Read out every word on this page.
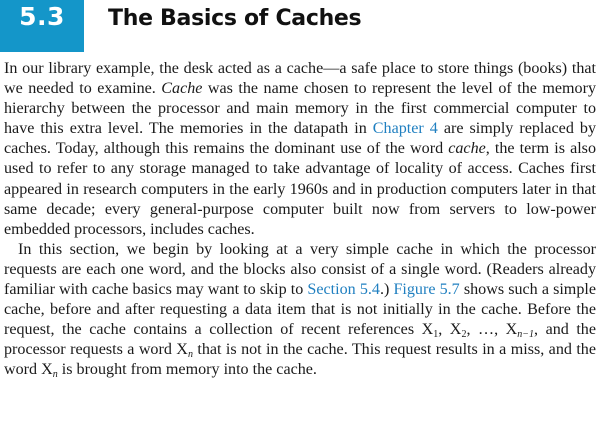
5.3	The Basics of Caches

In our library example, the desk acted as a cache—a safe place to store things (books) that we needed to examine. Cache was the name chosen to represent the level of the memory hierarchy between the processor and main memory in the first commercial computer to have this extra level. The memories in the datapath in Chapter 4 are simply replaced by caches. Today, although this remains the dominant use of the word cache, the term is also used to refer to any storage managed to take advantage of locality of access. Caches first appeared in research computers in the early 1960s and in production computers later in that same decade; every general-purpose computer built now from servers to low-power embedded processors, includes caches.

In this section, we begin by looking at a very simple cache in which the processor requests are each one word, and the blocks also consist of a single word. (Readers already familiar with cache basics may want to skip to Section 5.4.) Figure 5.7 shows such a simple cache, before and after requesting a data item that is not initially in the cache. Before the request, the cache contains a collection of recent references $X_1$, $X_2$, …, $X_{n-1}$, and the processor requests a word $X_n$ that is not in the cache. This request results in a miss, and the word $X_n$ is brought from memory into the cache.
